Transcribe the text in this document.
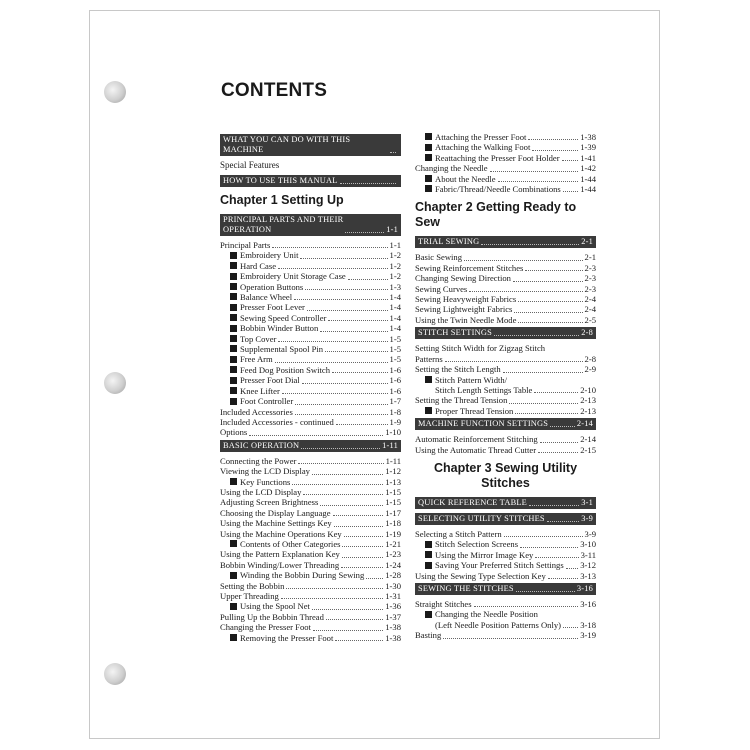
CONTENTS
WHAT YOU CAN DO WITH THIS MACHINE
Special Features
HOW TO USE THIS MANUAL
Chapter 1 Setting Up
PRINCIPAL PARTS AND THEIR
OPERATION	1-1
Principal Parts	1-1
Embroidery Unit	1-2
Hard Case	1-2
Embroidery Unit Storage Case	1-2
Operation Buttons	1-3
Balance Wheel	1-4
Presser Foot Lever	1-4
Sewing Speed Controller	1-4
Bobbin Winder Button	1-4
Top Cover	1-5
Supplemental Spool Pin	1-5
Free Arm	1-5
Feed Dog Position Switch	1-6
Presser Foot Dial	1-6
Knee Lifter	1-6
Foot Controller	1-7
Included Accessories	1-8
Included Accessories - continued	1-9
Options	1-10
BASIC OPERATION	1-11
Connecting the Power	1-11
Viewing the LCD Display	1-12
Key Functions	1-13
Using the LCD Display	1-15
Adjusting Screen Brightness	1-15
Choosing the Display Language	1-17
Using the Machine Settings Key	1-18
Using the Machine Operations Key	1-19
Contents of Other Categories	1-21
Using the Pattern Explanation Key	1-23
Bobbin Winding/Lower Threading	1-24
Winding the Bobbin During Sewing 1-28
Setting the Bobbin	1-30
Upper Threading	1-31
Using the Spool Net	1-36
Pulling Up the Bobbin Thread	1-37
Changing the Presser Foot	1-38
Removing the Presser Foot	1-38
Attaching the Presser Foot	1-38
Attaching the Walking Foot	1-39
Reattaching the Presser Foot Holder 1-41
Changing the Needle	1-42
About the Needle	1-44
Fabric/Thread/Needle Combinations 1-44
Chapter 2 Getting Ready to Sew
TRIAL SEWING	2-1
Basic Sewing	2-1
Sewing Reinforcement Stitches	2-3
Changing Sewing Direction	2-3
Sewing Curves	2-3
Sewing Heavyweight Fabrics	2-4
Sewing Lightweight Fabrics	2-4
Using the Twin Needle Mode	2-5
STITCH SETTINGS	2-8
Setting Stitch Width for Zigzag Stitch
Patterns	2-8
Setting the Stitch Length	2-9
Stitch Pattern Width/
Stitch Length Settings Table	2-10
Setting the Thread Tension	2-13
Proper Thread Tension	2-13
MACHINE FUNCTION SETTINGS	2-14
Automatic Reinforcement Stitching	2-14
Using the Automatic Thread Cutter	2-15
Chapter 3 Sewing Utility
Stitches
QUICK REFERENCE TABLE	3-1
SELECTING UTILITY STITCHES	3-9
Selecting a Stitch Pattern	3-9
Stitch Selection Screens	3-10
Using the Mirror Image Key	3-11
Saving Your Preferred Stitch Settings 3-12
Using the Sewing Type Selection Key	3-13
SEWING THE STITCHES	3-16
Straight Stitches	3-16
Changing the Needle Position
(Left Needle Position Patterns Only) 3-18
Basting	3-19
